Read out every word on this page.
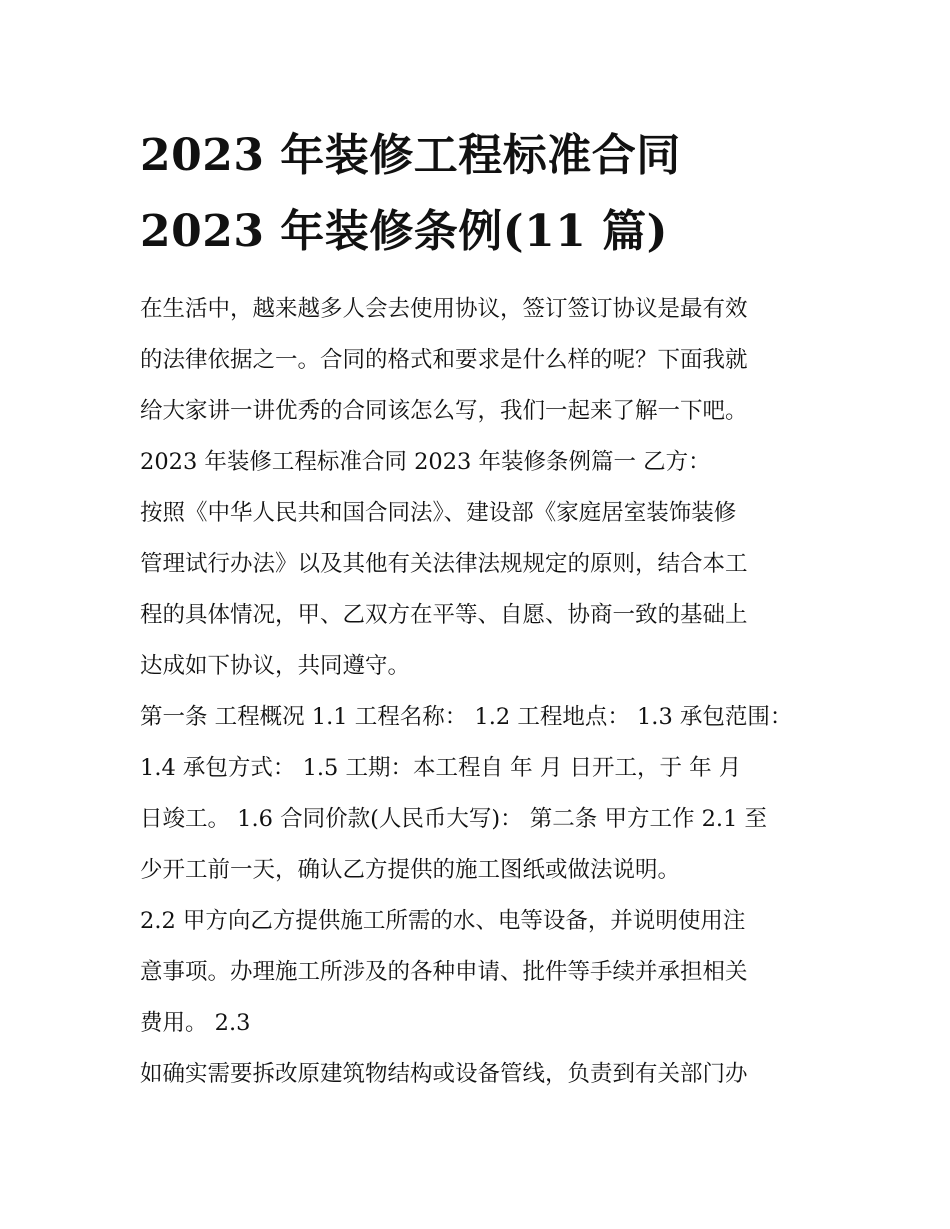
2023 年装修工程标准合同
2023 年装修条例(11 篇)
在生活中，越来越多人会去使用协议，签订签订协议是最有效
的法律依据之一。合同的格式和要求是什么样的呢？下面我就
给大家讲一讲优秀的合同该怎么写，我们一起来了解一下吧。
2023 年装修工程标准合同 2023 年装修条例篇一 乙方：
按照《中华人民共和国合同法》、建设部《家庭居室装饰装修
管理试行办法》以及其他有关法律法规规定的原则，结合本工
程的具体情况，甲、乙双方在平等、自愿、协商一致的基础上
达成如下协议，共同遵守。
第一条 工程概况 1.1 工程名称： 1.2 工程地点： 1.3 承包范围：
1.4 承包方式： 1.5 工期：本工程自 年 月 日开工，于 年 月
日竣工。 1.6 合同价款(人民币大写)： 第二条 甲方工作 2.1 至
少开工前一天，确认乙方提供的施工图纸或做法说明。
2.2 甲方向乙方提供施工所需的水、电等设备，并说明使用注
意事项。办理施工所涉及的各种申请、批件等手续并承担相关
费用。 2.3
如确实需要拆改原建筑物结构或设备管线，负责到有关部门办
